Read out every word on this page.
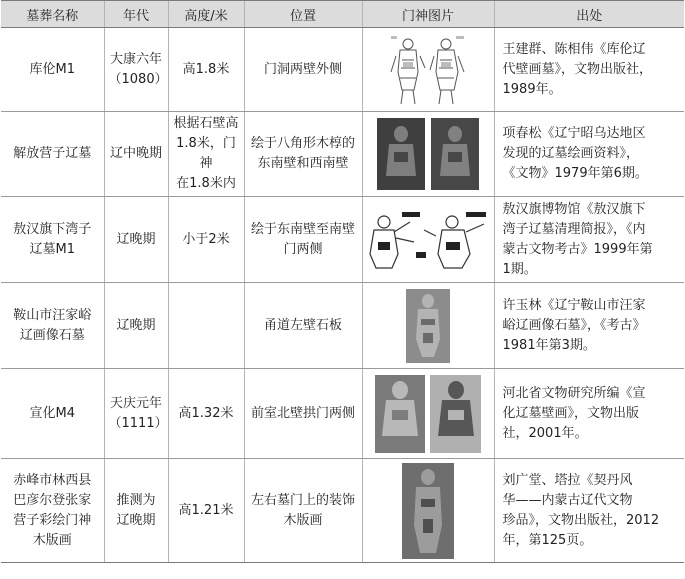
墓葬名称	年代	高度/米	位置	门神图片	出处

库伦M1	大康六年
（1080）	高1.8米	门洞两壁外侧		王建群、陈相伟《库伦辽
代壁画墓》，文物出版社，
1989年。

解放营子辽墓	辽中晚期	根据石壁高
1.8米，门神
在1.8米内	绘于八角形木椁的
东南壁和西南壁		项春松《辽宁昭乌达地区
发现的辽墓绘画资料》，
《文物》1979年第6期。

敖汉旗下湾子
辽墓M1	辽晚期	小于2米	绘于东南壁至南壁
门两侧		敖汉旗博物馆《敖汉旗下
湾子辽墓清理简报》，《内
蒙古文物考古》1999年第
1期。

鞍山市汪家峪
辽画像石墓	辽晚期		甬道左壁石板		许玉林《辽宁鞍山市汪家
峪辽画像石墓》，《考古》
1981年第3期。

宣化M4	天庆元年
（1111）	高1.32米	前室北壁拱门两侧		河北省文物研究所编《宣
化辽墓壁画》，文物出版
社，2001年。

赤峰市林西县
巴彦尔登张家
营子彩绘门神
木版画	推测为
辽晚期	高1.21米	左右墓门上的装饰
木版画		刘广堂、塔拉《契丹风
华——内蒙古辽代文物
珍品》，文物出版社，2012
年，第125页。
